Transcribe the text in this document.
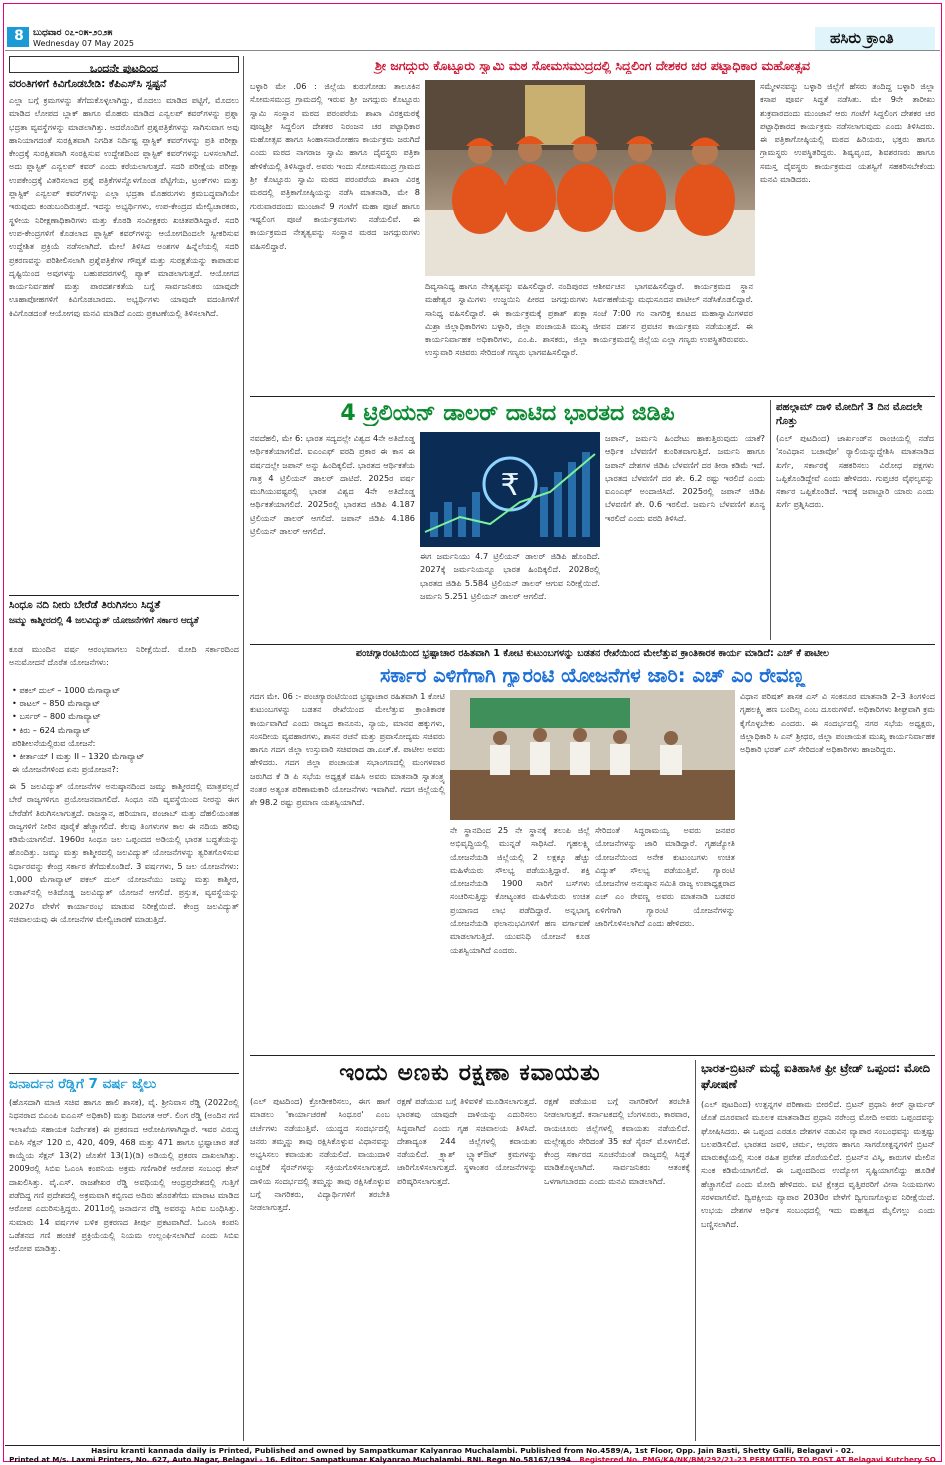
8	ಬುಧವಾರ ೦೭-೦೫-೨೦೨೫
Wednesday 07 May 2025	ಹಸಿರು ಕ್ರಾಂತಿ
ಒಂದನೇ ಪುಟದಿಂದ
ವರಂತಿಗಳಿಗೆ ಕಿವಿಗೊಡಬೇಡಿ: ಕೆಪಿಎಸ್‌ಸಿ ಸ್ಪಷ್ಟನೆ
ಎಲ್ಲಾ ಬಗ್ಗೆ ಕ್ರಮಗಳನ್ನು ತೆಗೆದುಕೊಳ್ಳಲಾಗಿದ್ದು, ಮೊದಲು ಮಾಡಿದ ಪಟ್ಟಿಗೆ, ಮೊದಲು ಮಾಡಿದ ಲೋಪದ ಬ್ಲಾಕ್ ಹಾಗೂ ಮೊಹರು ಮಾಡಿದ ಎನ್ವಲಪ್ ಕವರ್‌ಗಳನ್ನು ಪ್ರಶ್ನಾ ಭದ್ರತಾ ವ್ಯವಸ್ಥೆಗಳನ್ನು ಮಾಡಲಾಗಿತ್ತು. ಅದರೊಂದಿಗೆ ಪ್ರಶ್ನಪತ್ರಿಕೆಗಳನ್ನು ಸಾಗಿಸುವಾಗ ಅವು ಹಾನಿಯಾಗದಂತೆ ಸುರಕ್ಷಿತವಾಗಿ ನಿಗದಿತ ನಿರ್ದಿಷ್ಟ ಪ್ಲಾಸ್ಟಿಕ್ ಕವರ್‌ಗಳನ್ನು ಪ್ರತಿ ಪರೀಕ್ಷಾ ಕೇಂದ್ರಕ್ಕೆ ಸುರಕ್ಷಿತವಾಗಿ ಸಂರಕ್ಷಿಸುವ ಉದ್ದೇಶದಿಂದ ಪ್ಲಾಸ್ಟಿಕ್ ಕವರ್‌ಗಳನ್ನು ಬಳಸಲಾಗಿದೆ. ಅದು ಪ್ಲಾಸ್ಟಿಕ್ ಎನ್ವಲಪ್ ಕವರ್ ಎಂದು ಕರೆಯಲಾಗುತ್ತದೆ. ಸದರಿ ಪರೀಕ್ಷೆಯ ಪರೀಕ್ಷಾ ಉಪಕೇಂದ್ರಕ್ಕೆ ವಿತರಿಸಲಾದ ಪ್ರಶ್ನೆ ಪತ್ರಿಕೆಗಳನ್ನೊಳಗೊಂಡ ಪೆಟ್ಟಿಗೆಯ, ಟ್ರಂಕ್‌ಗಳು ಮತ್ತು ಪ್ಲಾಸ್ಟಿಕ್ ಎನ್ವಲಪ್ ಕವರ್‌ಗಳನ್ನು ಎಲ್ಲಾ ಭದ್ರತಾ ಮೊಹರುಗಳು ಕ್ರಮಬದ್ಧವಾಗಿಯೇ ಇರುವುದು ಕಂಡುಬಂದಿರುತ್ತದೆ. ಇದನ್ನು ಅಭ್ಯರ್ಥಿಗಳು, ಉಪ-ಕೇಂದ್ರದ ಮೇಲ್ವಿಚಾರಕರು, ಸ್ಥಳೀಯ ನಿರೀಕ್ಷಣಾಧಿಕಾರಿಗಳು ಮತ್ತು ಕೊಠಡಿ ಸಂವೀಕ್ಷಕರು ಖಚಿತಪಡಿಸಿದ್ದಾರೆ. ಸದರಿ ಉಪ-ಕೇಂದ್ರಗಳಿಗೆ ಕೊಡಲಾದ ಪ್ಲಾಸ್ಟಿಕ್ ಕವರ್‌ಗಳನ್ನು ಆಯೋಗದಿಂದಲೇ ಸ್ವೀಕರಿಸುವ ಉದ್ದೇಶಿತ ಪ್ರಕ್ರಿಯೆ ನಡೆಸಲಾಗಿದೆ. ಮೇಲೆ ತಿಳಿಸಿದ ಅಂಶಗಳ ಹಿನ್ನೆಲೆಯಲ್ಲಿ ಸದರಿ ಪ್ರಕರಣವನ್ನು ಪರಿಶೀಲಿಸಲಾಗಿ ಪ್ರಶ್ನೆಪತ್ರಿಕೆಗಳ ಗೌಪ್ಯತೆ ಮತ್ತು ಸುರಕ್ಷತೆಯನ್ನು ಕಾಪಾಡುವ ದೃಷ್ಟಿಯಿಂದ ಅವುಗಳನ್ನು ಬಹುಪದರಗಳಲ್ಲಿ ಪ್ಯಾಕ್ ಮಾಡಲಾಗುತ್ತದೆ. ಆಯೋಗದ ಕಾರ್ಯನಿರ್ವಹಣೆ ಮತ್ತು ಪಾರದರ್ಶಕತೆಯ ಬಗ್ಗೆ ಸಾರ್ವಜನಿಕರು ಯಾವುದೇ ಊಹಾಪೋಹಗಳಿಗೆ ಕಿವಿಗೊಡಬಾರದು. ಅಭ್ಯರ್ಥಿಗಳು ಯಾವುದೇ ವದಂತಿಗಳಿಗೆ ಕಿವಿಗೊಡದಂತೆ ಆಯೋಗವು ಮನವಿ ಮಾಡಿದೆ ಎಂದು ಪ್ರಕಟಣೆಯಲ್ಲಿ ತಿಳಿಸಲಾಗಿದೆ.
ಸಿಂಧೂ ನದಿ ನೀರು ಬೇರೆಡೆ ತಿರುಗಿಸಲು ಸಿದ್ಧತೆ
ಜಮ್ಮು ಕಾಶ್ಮೀರದಲ್ಲಿ 4 ಜಲವಿದ್ಯುತ್ ಯೋಜನೆಗಳಿಗೆ ಸರ್ಕಾರ ಆದ್ಯತೆ
ಕೂಡ ಮುಂದಿನ ವರ್ಷ ಆರಂಭವಾಗಲು ನಿರೀಕ್ಷೆಯಿದೆ. ಮೋದಿ ಸರ್ಕಾರದಿಂದ ಅನುಮೋದನೆ ದೊರೆತ ಯೋಜನೆಗಳು:
• ಪಕಲ್ ದುಲ್ – 1000 ಮೆಗಾವ್ಯಾಟ್
• ರಾಟಲ್ – 850 ಮೆಗಾವ್ಯಾಟ್
• ಬರ್ಸರ್ – 800 ಮೆಗಾವ್ಯಾಟ್
• ಕಿರು – 624 ಮೆಗಾವ್ಯಾಟ್
ಪರಿಶೀಲನೆಯಲ್ಲಿರುವ ಯೋಜನೆ:
• ಕೀರ್ತಾಯ್ I ಮತ್ತು II – 1320 ಮೆಗಾವ್ಯಾಟ್
ಈ ಯೋಜನೆಗಳಿಂದ ಏನು ಪ್ರಯೋಜನ?:
ಈ 5 ಜಲವಿದ್ಯುತ್ ಯೋಜನೆಗಳ ಅನುಷ್ಠಾನದಿಂದ ಜಮ್ಮು ಕಾಶ್ಮೀರದಲ್ಲಿ ಮಾತ್ರವಲ್ಲದೆ ಬೇರೆ ರಾಜ್ಯಗಳಿಗೂ ಪ್ರಯೋಜನವಾಗಲಿದೆ. ಸಿಂಧೂ ನದಿ ವ್ಯವಸ್ಥೆಯಿಂದ ನೀರನ್ನು ಈಗ ಬೇರೆಡೆಗೆ ತಿರುಗಿಸಲಾಗುತ್ತದೆ. ರಾಜಸ್ಥಾನ, ಹರಿಯಾಣ, ಪಂಜಾಬ್ ಮತ್ತು ದೆಹಲಿಯಂತಹ ರಾಜ್ಯಗಳಿಗೆ ನೀರಿನ ಪೂರೈಕೆ ಹೆಚ್ಚಾಗಲಿದೆ. ಕೆಲವು ತಿಂಗಳುಗಳ ಕಾಲ ಈ ನದಿಯ ಹರಿವು ಕಡಿಮೆಯಾಗಲಿದೆ. 1960ರ ಸಿಂಧೂ ಜಲ ಒಪ್ಪಂದದ ಅಡಿಯಲ್ಲಿ ಭಾರತ ಬದ್ಧತೆಯನ್ನು ಹೊಂದಿತ್ತು. ಜಮ್ಮು ಮತ್ತು ಕಾಶ್ಮೀರದಲ್ಲಿ ಜಲವಿದ್ಯುತ್ ಯೋಜನೆಗಳನ್ನು ತ್ವರಿತಗೊಳಿಸುವ ನಿರ್ಧಾರವನ್ನು ಕೇಂದ್ರ ಸರ್ಕಾರ ತೆಗೆದುಕೊಂಡಿದೆ. 3 ವರ್ಷಗಳು, 5 ಜಲ ಯೋಜನೆಗಳು: 1,000 ಮೆಗಾವ್ಯಾಟ್ ಪಕಲ್ ದುಲ್ ಯೋಜನೆಯು ಜಮ್ಮು ಮತ್ತು ಕಾಶ್ಮೀರ, ಲಡಾಖ್‌ನಲ್ಲಿ ಅತಿದೊಡ್ಡ ಜಲವಿದ್ಯುತ್ ಯೋಜನೆ ಆಗಲಿದೆ. ಪ್ರಸ್ತುತ, ವ್ಯವಸ್ಥೆಯನ್ನು 2027ರ ವೇಳೆಗೆ ಕಾರ್ಯಾರಂಭ ಮಾಡುವ ನಿರೀಕ್ಷೆಯಿದೆ. ಕೇಂದ್ರ ಜಲವಿದ್ಯುತ್ ಸಚಿವಾಲಯವು ಈ ಯೋಜನೆಗಳ ಮೇಲ್ವಿಚಾರಣೆ ಮಾಡುತ್ತಿದೆ.
ಜನಾರ್ದನ ರೆಡ್ಡಿಗೆ 7 ವರ್ಷ ಜೈಲು
(ಹೊಸದಾಗಿ ಮಾಜಿ ಸಚಿವ ಹಾಗೂ ಹಾಲಿ ಶಾಸಕ), ವೈ. ಶ್ರೀನಿವಾಸ ರೆಡ್ಡಿ (2022ರಲ್ಲಿ ನಿಧನರಾದ ಬಿಎಂಪಿ ಐಎಎಸ್ ಅಧಿಕಾರಿ) ಮತ್ತು ದಿವಂಗತ ಆರ್. ಲಿಂಗ ರೆಡ್ಡಿ (ಅಂದಿನ ಗಣಿ ಇಲಾಖೆಯ ಸಹಾಯಕ ನಿರ್ದೇಶಕ) ಈ ಪ್ರಕರಣದ ಆರೋಪಿಗಳಾಗಿದ್ದಾರೆ. ಇವರ ವಿರುದ್ಧ ಐಪಿಸಿ ಸೆಕ್ಷನ್ 120 ಬಿ, 420, 409, 468 ಮತ್ತು 471 ಹಾಗೂ ಭ್ರಷ್ಟಾಚಾರ ತಡೆ ಕಾಯ್ದೆಯ ಸೆಕ್ಷನ್ 13(2) ಜೊತೆಗೆ 13(1)(ಡಿ) ಅಡಿಯಲ್ಲಿ ಪ್ರಕರಣ ದಾಖಲಾಗಿತ್ತು. 2009ರಲ್ಲಿ ಸಿಬಿಐ ಓಎಂಸಿ ಕಂಪನಿಯ ಅಕ್ರಮ ಗಣಿಗಾರಿಕೆ ಆರೋಪ ಸಂಬಂಧ ಕೇಸ್ ದಾಖಲಿಸಿತ್ತು. ವೈ.ಎಸ್. ರಾಜಶೇಖರ ರೆಡ್ಡಿ ಅವಧಿಯಲ್ಲಿ ಆಂಧ್ರಪ್ರದೇಶದಲ್ಲಿ ಗುತ್ತಿಗೆ ಪಡೆದಿದ್ದ ಗಣಿ ಪ್ರದೇಶದಲ್ಲಿ ಅಕ್ರಮವಾಗಿ ಕಬ್ಬಿಣದ ಅದಿರು ಹೊರತೆಗೆದು ಮಾರಾಟ ಮಾಡಿದ ಆರೋಪ ಎದುರಿಸುತ್ತಿದ್ದರು. 2011ರಲ್ಲಿ ಜನಾರ್ದನ ರೆಡ್ಡಿ ಅವರನ್ನು ಸಿಬಿಐ ಬಂಧಿಸಿತ್ತು. ಸುಮಾರು 14 ವರ್ಷಗಳ ಬಳಿಕ ಪ್ರಕರಣದ ತೀರ್ಪು ಪ್ರಕಟವಾಗಿದೆ. ಓಎಂಸಿ ಕಂಪನಿ ಒಡೆತನದ ಗಣಿ ಹಂಚಿಕೆ ಪ್ರಕ್ರಿಯೆಯಲ್ಲಿ ನಿಯಮ ಉಲ್ಲಂಘಿಸಲಾಗಿದೆ ಎಂದು ಸಿಬಿಐ ಆರೋಪ ಮಾಡಿತ್ತು.
ಶ್ರೀ ಜಗದ್ಗುರು ಕೊಟ್ಟೂರು ಸ್ವಾಮಿ ಮಠ ಸೋಮಸಮುದ್ರದಲ್ಲಿ ಸಿದ್ದಲಿಂಗ ದೇಶಕರ ಚರ ಪಟ್ಟಾಧಿಕಾರ ಮಹೋತ್ಸವ
ಬಳ್ಳಾರಿ ಮೇ .06 : ಜಿಲ್ಲೆಯ ಕುರುಗೋಡು ತಾಲೂಕಿನ ಸೋಮಸಮುದ್ರ ಗ್ರಾಮದಲ್ಲಿ ಇರುವ ಶ್ರೀ ಜಗದ್ಗುರು ಕೊಟ್ಟೂರು ಸ್ವಾಮಿ ಸಂಸ್ಥಾನ ಮಠದ ಪರಂಪರೆಯ ಶಾಖಾ ವಿರಕ್ತಮಠಕ್ಕೆ ಪೂಜ್ಯಶ್ರೀ ಸಿದ್ದಲಿಂಗ ದೇಶಕರ ನಿರಂಜನ ಚರ ಪಟ್ಟಾಧಿಕಾರ ಮಹೋತ್ಸವ ಹಾಗೂ ಸಿಂಹಾಸನಾರೋಹಣ ಕಾರ್ಯಕ್ರಮ ಜರುಗಿದೆ ಎಂದು ಮಠದ ನಾಗರಾಜ ಸ್ವಾಮಿ ಹಾಗೂ ದೈವಸ್ಥರು ಪತ್ರಿಕಾ ಹೇಳಿಕೆಯಲ್ಲಿ ತಿಳಿಸಿದ್ದಾರೆ. ಅವರು ಇಂದು ಸೋಮಸಮುದ್ರ ಗ್ರಾಮದ ಶ್ರೀ ಕೊಟ್ಟೂರು ಸ್ವಾಮಿ ಮಠದ ಪರಂಪರೆಯ ಶಾಖಾ ವಿರಕ್ತ ಮಠದಲ್ಲಿ ಪತ್ರಿಕಾಗೋಷ್ಠಿಯನ್ನು ನಡೆಸಿ ಮಾತನಾಡಿ, ಮೇ 8 ಗುರುವಾರದಂದು ಮುಂಜಾನೆ 9 ಗಂಟೆಗೆ ಮಹಾ ಪೂಜೆ ಹಾಗೂ ಇಷ್ಟಲಿಂಗ ಪೂಜೆ ಕಾರ್ಯಕ್ರಮಗಳು ನಡೆಯಲಿವೆ. ಈ ಕಾರ್ಯಕ್ರಮದ ನೇತೃತ್ವವನ್ನು ಸಂಸ್ಥಾನ ಮಠದ ಜಗದ್ಗುರುಗಳು ವಹಿಸಲಿದ್ದಾರೆ.
ದಿವ್ಯಸಾನಿಧ್ಯ ಹಾಗೂ ನೇತೃತ್ವವನ್ನು ವಹಿಸಲಿದ್ದಾರೆ. ನಂದಿಪುರದ ಮಹೇಶ್ವರ ಸ್ವಾಮಿಗಳು ಉಜ್ಜಯಿನಿ ಪೀಠದ ಜಗದ್ಗುರುಗಳು ಸಾನಿಧ್ಯ ವಹಿಸಲಿದ್ದಾರೆ. ಈ ಕಾರ್ಯಕ್ರಮಕ್ಕೆ ಪ್ರಕಾಶ್ ಶುಕ್ಲಾ ಮಿಶ್ರಾ ಜಿಲ್ಲಾಧಿಕಾರಿಗಳು ಬಳ್ಳಾರಿ, ಜಿಲ್ಲಾ ಪಂಚಾಯತಿ ಮುಖ್ಯ ಕಾರ್ಯನಿರ್ವಾಹಕ ಅಧಿಕಾರಿಗಳು, ಎಂ.ಪಿ. ಶಾಸಕರು, ಜಿಲ್ಲಾ ಉಸ್ತುವಾರಿ ಸಚಿವರು ಸೇರಿದಂತೆ ಗಣ್ಯರು ಭಾಗವಹಿಸಲಿದ್ದಾರೆ.
ಆಶೀರ್ವಚನ ಭಾಗವಹಿಸಲಿದ್ದಾರೆ. ಕಾರ್ಯಕ್ರಮದ ಸ್ಥಾನ ಸಿರ್ವಹಣೆಯನ್ನು ಮಧುಸೂದನ ಪಾಟೀಲ್ ನಡೆಸಿಕೊಡಲಿದ್ದಾರೆ. ಸಂಜೆ 7:00 ಗಂ ನಾಗರಿಕ್ತ ಕೂಟದ ಮಹಾಸ್ವಾಮಿಗಳವರ ಜೀವನ ದರ್ಶನ ಪ್ರವಚನ ಕಾರ್ಯಕ್ರಮ ನಡೆಯುತ್ತದೆ. ಈ ಕಾರ್ಯಕ್ರಮದಲ್ಲಿ ಜಿಲ್ಲೆಯ ಎಲ್ಲಾ ಗಣ್ಯರು ಉಪಸ್ಥಿತರಿರುವರು.
ಸಮ್ಮೇಳನವನ್ನು ಬಳ್ಳಾರಿ ಜಿಲ್ಲೆಗೆ ಹೆಸರು ತಂದಿದ್ದ ಬಳ್ಳಾರಿ ಜಿಲ್ಲಾ ಕಸಾಪ ಪೂರ್ವ ಸಿದ್ಧತೆ ನಡೆಸಿತು. ಮೇ 9ನೇ ತಾರೀಖು ಶುಕ್ರವಾರದಂದು ಮುಂಜಾನೆ ಆರು ಗಂಟೆಗೆ ಸಿದ್ದಲಿಂಗ ದೇಶಕರ ಚರ ಪಟ್ಟಾಧಿಕಾರದ ಕಾರ್ಯಕ್ರಮ ನಡೆಸಲಾಗುವುದು ಎಂದು ತಿಳಿಸಿದರು. ಈ ಪತ್ರಿಕಾಗೋಷ್ಠಿಯಲ್ಲಿ ಮಠದ ಹಿರಿಯರು, ಭಕ್ತರು ಹಾಗೂ ಗ್ರಾಮಸ್ಥರು ಉಪಸ್ಥಿತರಿದ್ದರು. ಶಿಷ್ಯವೃಂದ, ಶಿವಶರಣರು ಹಾಗೂ ಸಮಸ್ತ ದೈವಸ್ಥರು ಕಾರ್ಯಕ್ರಮದ ಯಶಸ್ವಿಗೆ ಸಹಕರಿಸಬೇಕೆಂದು ಮನವಿ ಮಾಡಿದರು.
4 ಟ್ರಿಲಿಯನ್ ಡಾಲರ್ ದಾಟಿದ ಭಾರತದ ಜಿಡಿಪಿ
ನವದೆಹಲಿ, ಮೇ 6: ಭಾರತ ಸದ್ಯದಲ್ಲೇ ವಿಶ್ವದ 4ನೇ ಅತಿದೊಡ್ಡ ಆರ್ಥಿಕತೆಯಾಗಲಿದೆ. ಐಎಂಎಫ್ ವರದಿ ಪ್ರಕಾರ ಈ ಕಾಸ ಈ ವರ್ಷದಲ್ಲೇ ಜಪಾನ್ ಅನ್ನು ಹಿಂದಿಕ್ಕಲಿದೆ. ಭಾರತದ ಆರ್ಥಿಕತೆಯ ಗಾತ್ರ 4 ಟ್ರಿಲಿಯನ್ ಡಾಲರ್ ದಾಟಿದೆ. 2025ರ ವರ್ಷ ಮುಗಿಯುವಷ್ಟರಲ್ಲಿ ಭಾರತ ವಿಶ್ವದ 4ನೇ ಅತಿದೊಡ್ಡ ಆರ್ಥಿಕತೆಯಾಗಲಿದೆ. 2025ರಲ್ಲಿ ಭಾರತದ ಜಿಡಿಪಿ 4.187 ಟ್ರಿಲಿಯನ್ ಡಾಲರ್ ಆಗಲಿದೆ. ಜಪಾನ್ ಜಿಡಿಪಿ 4.186 ಟ್ರಿಲಿಯನ್ ಡಾಲರ್ ಆಗಲಿದೆ.
₹
ಈಗ ಜರ್ಮನಿಯು 4.7 ಟ್ರಿಲಿಯನ್ ಡಾಲರ್ ಜಿಡಿಪಿ ಹೊಂದಿದೆ. 2027ಕ್ಕೆ ಜರ್ಮನಿಯನ್ನೂ ಭಾರತ ಹಿಂದಿಕ್ಕಲಿದೆ. 2028ರಲ್ಲಿ ಭಾರತದ ಜಿಡಿಪಿ 5.584 ಟ್ರಿಲಿಯನ್ ಡಾಲರ್ ಆಗುವ ನಿರೀಕ್ಷೆಯಿದೆ. ಜರ್ಮನಿ 5.251 ಟ್ರಿಲಿಯನ್ ಡಾಲರ್ ಆಗಲಿದೆ.
ಜಪಾನ್, ಜರ್ಮನಿ ಹಿಂದೇಟು ಹಾಕುತ್ತಿರುವುದು ಯಾಕೆ? ಆರ್ಥಿಕ ಬೆಳವಣಿಗೆ ಕುಂಠಿತವಾಗುತ್ತಿದೆ. ಜರ್ಮನಿ ಹಾಗೂ ಜಪಾನ್ ದೇಶಗಳ ಜಿಡಿಪಿ ಬೆಳವಣಿಗೆ ದರ ತೀರಾ ಕಡಿಮೆ ಇದೆ. ಭಾರತದ ಬೆಳವಣಿಗೆ ದರ ಶೇ. 6.2 ರಷ್ಟು ಇರಲಿದೆ ಎಂದು ಐಎಂಎಫ್ ಅಂದಾಜಿಸಿದೆ. 2025ರಲ್ಲಿ ಜಪಾನ್ ಜಿಡಿಪಿ ಬೆಳವಣಿಗೆ ಶೇ. 0.6 ಇರಲಿದೆ. ಜರ್ಮನಿ ಬೆಳವಣಿಗೆ ಶೂನ್ಯ ಇರಲಿದೆ ಎಂದು ವರದಿ ತಿಳಿಸಿದೆ.
ಪಹಲ್ಗಾಮ್ ದಾಳಿ ಮೋದಿಗೆ 3 ದಿನ ಮೊದಲೇ ಗೊತ್ತು
(ಎಲ್ ಪುಟದಿಂದ) ಜಾರ್ಖಂಡ್‌ನ ರಾಂಚಿಯಲ್ಲಿ ನಡೆದ 'ಸಂವಿಧಾನ ಬಚಾವೋ' ರ‍್ಯಾಲಿಯನ್ನುದ್ದೇಶಿಸಿ ಮಾತನಾಡಿದ ಖರ್ಗೆ, ಸರ್ಕಾರಕ್ಕೆ ಸಹಕರಿಸಲು ವಿರೋಧ ಪಕ್ಷಗಳು ಒಪ್ಪಿಕೊಂಡಿದ್ದೇವೆ ಎಂದು ಹೇಳಿದರು. ಗುಪ್ತಚರ ವೈಫಲ್ಯವನ್ನು ಸರ್ಕಾರ ಒಪ್ಪಿಕೊಂಡಿದೆ. ಇದಕ್ಕೆ ಜವಾಬ್ದಾರಿ ಯಾರು ಎಂದು ಖರ್ಗೆ ಪ್ರಶ್ನಿಸಿದರು.
ಪಂಚಗ್ಯಾರಂಟಿಯಿಂದ ಭ್ರಷ್ಟಾಚಾರ ರಹಿತವಾಗಿ 1 ಕೋಟಿ ಕುಟುಂಬಗಳನ್ನು ಬಡತನ ರೇಖೆಯಿಂದ ಮೇಲೆತ್ತುವ ಕ್ರಾಂತಿಕಾರಕ ಕಾರ್ಯ ಮಾಡಿದೆ: ಎಚ್ ಕೆ ಪಾಟೀಲ
ಸರ್ಕಾರ ಎಳಿಗೆಗಾಗಿ ಗ್ಯಾರಂಟಿ ಯೋಜನೆಗಳ ಜಾರಿ: ಎಚ್ ಎಂ ರೇವಣ್ಣ
ಗದಗ ಮೇ. 06 :- ಪಂಚಗ್ಯಾರಂಟಿಯಿಂದ ಭ್ರಷ್ಟಾಚಾರ ರಹಿತವಾಗಿ 1 ಕೋಟಿ ಕುಟುಂಬಗಳನ್ನು ಬಡತನ ರೇಖೆಯಿಂದ ಮೇಲೆತ್ತುವ ಕ್ರಾಂತಿಕಾರಕ ಕಾರ್ಯವಾಗಿದೆ ಎಂದು ರಾಜ್ಯದ ಕಾನೂನು, ನ್ಯಾಯ, ಮಾನವ ಹಕ್ಕುಗಳು, ಸಂಸದೀಯ ವ್ಯವಹಾರಗಳು, ಶಾಸನ ರಚನೆ ಮತ್ತು ಪ್ರವಾಸೋದ್ಯಮ ಸಚಿವರು ಹಾಗೂ ಗದಗ ಜಿಲ್ಲಾ ಉಸ್ತುವಾರಿ ಸಚಿವರಾದ ಡಾ.ಎಚ್.ಕೆ. ಪಾಟೀಲ ಅವರು ಹೇಳಿದರು. ಗದಗ ಜಿಲ್ಲಾ ಪಂಚಾಯತ ಸಭಾಂಗಣದಲ್ಲಿ ಮಂಗಳವಾರ ಜರುಗಿದ ಕೆ ಡಿ ಪಿ ಸಭೆಯ ಅಧ್ಯಕ್ಷತೆ ವಹಿಸಿ ಅವರು ಮಾತನಾಡಿ ಸ್ವಾತಂತ್ರ್ಯ ನಂತರ ಅತ್ಯಂತ ಪರಿಣಾಮಕಾರಿ ಯೋಜನೆಗಳು ಇವಾಗಿವೆ. ಗದಗ ಜಿಲ್ಲೆಯಲ್ಲಿ ಶೇ 98.2 ರಷ್ಟು ಪ್ರಮಾಣ ಯಶಸ್ವಿಯಾಗಿದೆ.
ನೇ ಸ್ಥಾನದಿಂದ 25 ನೇ ಸ್ಥಾನಕ್ಕೆ ತಲುಪಿ ಜಿಲ್ಲೆ ಅಭಿವೃದ್ಧಿಯಲ್ಲಿ ಮುನ್ನಡೆ ಸಾಧಿಸಿದೆ. ಗೃಹಲಕ್ಷ್ಮಿ ಯೋಜನೆಯಡಿ ಜಿಲ್ಲೆಯಲ್ಲಿ 2 ಲಕ್ಷಕ್ಕೂ ಹೆಚ್ಚು ಮಹಿಳೆಯರು ಸೌಲಭ್ಯ ಪಡೆಯುತ್ತಿದ್ದಾರೆ. ಶಕ್ತಿ ಯೋಜನೆಯಡಿ 1900 ಸಾರಿಗೆ ಬಸ್‌ಗಳು ಸಂಚರಿಸುತ್ತಿದ್ದು ಕೋಟ್ಯಂತರ ಮಹಿಳೆಯರು ಉಚಿತ ಪ್ರಯಾಣದ ಲಾಭ ಪಡೆದಿದ್ದಾರೆ. ಅನ್ನಭಾಗ್ಯ ಯೋಜನೆಯಡಿ ಫಲಾನುಭವಿಗಳಿಗೆ ಹಣ ವರ್ಗಾವಣೆ ಮಾಡಲಾಗುತ್ತಿದೆ. ಯುವನಿಧಿ ಯೋಜನೆ ಕೂಡ ಯಶಸ್ವಿಯಾಗಿದೆ ಎಂದರು.
ಸೇರಿದಂತೆ ಸಿದ್ಧರಾಮಯ್ಯ ಅವರು ಜನಪರ ಯೋಜನೆಗಳನ್ನು ಜಾರಿ ಮಾಡಿದ್ದಾರೆ. ಗೃಹಜ್ಯೋತಿ ಯೋಜನೆಯಿಂದ ಅನೇಕ ಕುಟುಂಬಗಳು ಉಚಿತ ವಿದ್ಯುತ್ ಸೌಲಭ್ಯ ಪಡೆಯುತ್ತಿವೆ. ಗ್ಯಾರಂಟಿ ಯೋಜನೆಗಳ ಅನುಷ್ಠಾನ ಸಮಿತಿ ರಾಜ್ಯ ಉಪಾಧ್ಯಕ್ಷರಾದ ಎಚ್ ಎಂ ರೇವಣ್ಣ ಅವರು ಮಾತನಾಡಿ ಬಡವರ ಏಳಿಗೆಗಾಗಿ ಗ್ಯಾರಂಟಿ ಯೋಜನೆಗಳನ್ನು ಜಾರಿಗೊಳಿಸಲಾಗಿದೆ ಎಂದು ಹೇಳಿದರು.
ವಿಧಾನ ಪರಿಷತ್ ಶಾಸಕ ಎಸ್ ವಿ ಸಂಕನೂರ ಮಾತನಾಡಿ 2–3 ತಿಂಗಳಿಂದ ಗೃಹಲಕ್ಷ್ಮಿ ಹಣ ಬಂದಿಲ್ಲ ಎಂಬ ದೂರುಗಳಿವೆ. ಅಧಿಕಾರಿಗಳು ಶೀಘ್ರವಾಗಿ ಕ್ರಮ ಕೈಗೊಳ್ಳಬೇಕು ಎಂದರು. ಈ ಸಂದರ್ಭದಲ್ಲಿ ನಗರ ಸಭೆಯ ಅಧ್ಯಕ್ಷರು, ಜಿಲ್ಲಾಧಿಕಾರಿ ಸಿ ಎನ್ ಶ್ರೀಧರ, ಜಿಲ್ಲಾ ಪಂಚಾಯತ ಮುಖ್ಯ ಕಾರ್ಯನಿರ್ವಾಹಕ ಅಧಿಕಾರಿ ಭರತ್ ಎಸ್ ಸೇರಿದಂತೆ ಅಧಿಕಾರಿಗಳು ಹಾಜರಿದ್ದರು.
ಇಂದು ಅಣಕು ರಕ್ಷಣಾ ಕವಾಯತು
(ಎಲ್ ಪುಟದಿಂದ) ಕ್ರೋಡೀಕರಿಸಲು, ಈಗ ಹಾಗೆ ಮಾಡಲು 'ಕಾರ್ಯಾಚರಣೆ ಸಿಂಧೂರ' ಎಂಬ ಚರ್ಚೆಗಳು ನಡೆಯುತ್ತಿವೆ. ಯುದ್ಧದ ಸಂದರ್ಭದಲ್ಲಿ ಜನರು ತಮ್ಮನ್ನು ತಾವು ರಕ್ಷಿಸಿಕೊಳ್ಳುವ ವಿಧಾನವನ್ನು ಅಭ್ಯಸಿಸಲು ಕವಾಯತು ನಡೆಯಲಿದೆ. ವಾಯುದಾಳಿ ಎಚ್ಚರಿಕೆ ಸೈರನ್‌ಗಳನ್ನು ಸಕ್ರಿಯಗೊಳಿಸಲಾಗುತ್ತದೆ. ದಾಳಿಯ ಸಂದರ್ಭದಲ್ಲಿ ತಮ್ಮನ್ನು ತಾವು ರಕ್ಷಿಸಿಕೊಳ್ಳುವ ಬಗ್ಗೆ ನಾಗರಿಕರು, ವಿದ್ಯಾರ್ಥಿಗಳಿಗೆ ತರಬೇತಿ ನೀಡಲಾಗುತ್ತದೆ.
ರಕ್ಷಣೆ ಪಡೆಯುವ ಬಗ್ಗೆ ತಿಳಿವಳಿಕೆ ಮೂಡಿಸಲಾಗುತ್ತದೆ. ಭಾರತವು ಯಾವುದೇ ದಾಳಿಯನ್ನು ಎದುರಿಸಲು ಸಿದ್ಧವಾಗಿದೆ ಎಂದು ಗೃಹ ಸಚಿವಾಲಯ ತಿಳಿಸಿದೆ. ದೇಶಾದ್ಯಂತ 244 ಜಿಲ್ಲೆಗಳಲ್ಲಿ ಕವಾಯತು ನಡೆಯಲಿದೆ. ಕ್ರ್ಯಾಶ್ ಬ್ಲ್ಯಾಕ್‌ಔಟ್ ಕ್ರಮಗಳನ್ನು ಜಾರಿಗೊಳಿಸಲಾಗುತ್ತದೆ. ಸ್ಥಳಾಂತರ ಯೋಜನೆಗಳನ್ನು ಪರಿಷ್ಕರಿಸಲಾಗುತ್ತದೆ.
ರಕ್ಷಣೆ ಪಡೆಯುವ ಬಗ್ಗೆ ನಾಗರಿಕರಿಗೆ ತರಬೇತಿ ನೀಡಲಾಗುತ್ತದೆ. ಕರ್ನಾಟಕದಲ್ಲಿ ಬೆಂಗಳೂರು, ಕಾರವಾರ, ರಾಯಚೂರು ಜಿಲ್ಲೆಗಳಲ್ಲಿ ಕವಾಯತು ನಡೆಯಲಿದೆ. ಮಲ್ಲೇಶ್ವರಂ ಸೇರಿದಂತೆ 35 ಕಡೆ ಸೈರನ್ ಮೊಳಗಲಿದೆ. ಕೇಂದ್ರ ಸರ್ಕಾರದ ಸೂಚನೆಯಂತೆ ರಾಜ್ಯದಲ್ಲಿ ಸಿದ್ಧತೆ ಮಾಡಿಕೊಳ್ಳಲಾಗಿದೆ. ಸಾರ್ವಜನಿಕರು ಆತಂಕಕ್ಕೆ ಒಳಗಾಗಬಾರದು ಎಂದು ಮನವಿ ಮಾಡಲಾಗಿದೆ.
ಭಾರತ-ಬ್ರಿಟನ್ ಮಧ್ಯೆ ಐತಿಹಾಸಿಕ ಫ್ರೀ ಟ್ರೇಡ್ ಒಪ್ಪಂದ: ಮೋದಿ ಘೋಷಣೆ
(ಎಲ್ ಪುಟದಿಂದ) ಉತ್ಪನ್ನಗಳ ಪರಿಣಾಮ ಬೀರಲಿದೆ. ಬ್ರಿಟನ್ ಪ್ರಧಾನಿ ಕೀರ್ ಸ್ಟಾರ್ಮರ್ ಜೊತೆ ದೂರವಾಣಿ ಮೂಲಕ ಮಾತನಾಡಿದ ಪ್ರಧಾನಿ ನರೇಂದ್ರ ಮೋದಿ ಅವರು ಒಪ್ಪಂದವನ್ನು ಘೋಷಿಸಿದರು. ಈ ಒಪ್ಪಂದ ಎರಡೂ ದೇಶಗಳ ನಡುವಿನ ವ್ಯಾಪಾರ ಸಂಬಂಧವನ್ನು ಮತ್ತಷ್ಟು ಬಲಪಡಿಸಲಿದೆ. ಭಾರತದ ಜವಳಿ, ಚರ್ಮ, ಆಭರಣ ಹಾಗೂ ಸಾಗರೋತ್ಪನ್ನಗಳಿಗೆ ಬ್ರಿಟನ್ ಮಾರುಕಟ್ಟೆಯಲ್ಲಿ ಸುಂಕ ರಹಿತ ಪ್ರವೇಶ ದೊರೆಯಲಿದೆ. ಬ್ರಿಟನ್‌ನ ವಿಸ್ಕಿ, ಕಾರುಗಳ ಮೇಲಿನ ಸುಂಕ ಕಡಿಮೆಯಾಗಲಿದೆ. ಈ ಒಪ್ಪಂದದಿಂದ ಉದ್ಯೋಗ ಸೃಷ್ಟಿಯಾಗಲಿದ್ದು ಹೂಡಿಕೆ ಹೆಚ್ಚಾಗಲಿದೆ ಎಂದು ಮೋದಿ ಹೇಳಿದರು. ಐಟಿ ಕ್ಷೇತ್ರದ ವೃತ್ತಿಪರರಿಗೆ ವೀಸಾ ನಿಯಮಗಳು ಸರಳವಾಗಲಿವೆ. ದ್ವಿಪಕ್ಷೀಯ ವ್ಯಾಪಾರ 2030ರ ವೇಳೆಗೆ ದ್ವಿಗುಣಗೊಳ್ಳುವ ನಿರೀಕ್ಷೆಯಿದೆ. ಉಭಯ ದೇಶಗಳ ಆರ್ಥಿಕ ಸಂಬಂಧದಲ್ಲಿ ಇದು ಮಹತ್ವದ ಮೈಲಿಗಲ್ಲು ಎಂದು ಬಣ್ಣಿಸಲಾಗಿದೆ.
Hasiru kranti kannada daily is Printed, Published and owned by Sampatkumar Kalyanrao Muchalambi. Published from No.4589/A, 1st Floor, Opp. Jain Basti, Shetty Galli, Belagavi - 02.
Printed at M/s. Laxmi Printers, No. 627, Auto Nagar, Belagavi - 16. Editor: Sampatkumar Kalyanrao Muchalambi. RNI. Regn No.58167/1994 Registered No. PMG/KA/NK/BM/292/21-23 PERMITTED TO POST AT Belagavi Kutchery SO
